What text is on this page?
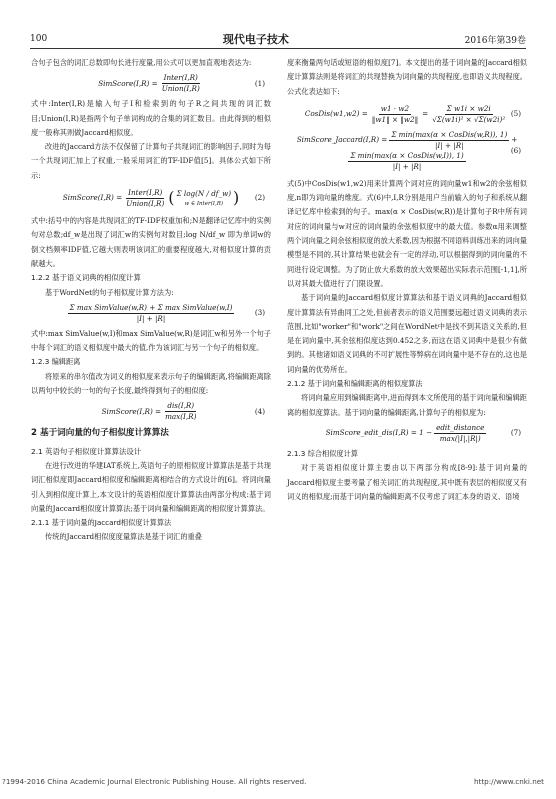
100	现代电子技术	2016年第39卷

合句子包含的词汇总数即句长进行度量,用公式可以更加直观地表达为:

SimScore(I,R) = $\frac{\text{Inter(I,R)}}{\text{Union(I,R)}}$	(1)

式中:Inter(I,R)是输入句子I和检索到的句子R之间共现的词汇数目;Union(I,R)是指两个句子单词构成的合集的词汇数目。由此得到的相似度一般称其则做Jaccard相似度。

改进的Jaccard方法不仅保留了计算句子共现词汇的影响因子,同时为每一个共现词汇加上了权重,一般采用词汇的TF-IDF值[5]。具体公式如下所示:

SimScore(I,R) = $\frac{\text{Inter(I,R)}}{\text{Union(I,R)}}$ ( Σ log(N / df_w)
w ∈ Inter(I,R) ) (2)

式中:括号中的内容是共现词汇的TF-IDF权重加和;N是翻译记忆库中的实例句对总数;df_w是出现了词汇w的实例句对数目;log N/df_w 即为单词w的倒文档频率IDF值,它越大则表明该词汇的重要程度越大,对相似度计算的贡献越大。

1.2.2 基于语义词典的相似度计算

基于WordNet的句子相似度计算方法为:

$\frac{\text{Σ max SimValue(w,R) + Σ max SimValue(w,I)}}{|I| + |R|}$	(3)

式中:max SimValue(w,I)和max SimValue(w,R)是词汇w和另外一个句子中每个词汇的语义相似度中最大的值,作为该词汇与另一个句子的相似度。

1.2.3 编辑距离

将原来的串尔值改为词义的相似度来表示句子的编辑距离,将编辑距离除以两句中较长的一句的句子长度,最终得到句子的相似度:

SimScore(I,R) = $\frac{\text{dis(I,R)}}{\max(I,R)}$	(4)

2 基于词向量的句子相似度计算算法

2.1 英语句子相似度计算算法设计

在进行改进的华建IAT系统上,英语句子的原相似度计算算法是基于共现词汇相似度即Jaccard相似度和编辑距离相结合的方式设计的[6]。将词向量引入到相似度计算上,本文设计的英语相似度计算算法由两部分构成:基于词向量的Jaccard相似度计算算法;基于词向量和编辑距离的相似度计算算法。

2.1.1 基于词向量的Jaccard相似度计算算法

传统的Jaccard相似度度量算法是基于词汇的重叠

度来衡量两句话或短语的相似度[7]。本文提出的基于词向量的Jaccard相似度计算算法则是将词汇的共现替换为词向量的共现程度,也即语义共现程度。公式化表达如下:

CosDis(w1,w2) = $\frac{w1 \cdot w2}{‖w1‖ \times ‖w2‖} = \frac{\text{Σ w1i × w2i}}{\text{√Σ(w1i)² × √Σ(w2i)²}} (5)$
SimScore_Jaccard(I,R) = $\frac{\text{Σ min(max(α × CosDis(w,R)), 1)}}{|I| + |R|}$ +
$\frac{\text{Σ min(max(α × CosDis(w,I)), 1)}}{|I| + |R|}$
(6)

式(5)中CosDis(w1,w2)用来计算两个词对应的词向量w1和w2的余弦相似度,n即为词向量的维度。式(6)中,I,R分别是用户当前输入的句子和系统从翻译记忆库中检索到的句子。max(α × CosDis(w,R))是计算句子R中所有词对应的词向量与w对应的词向量的余弦相似度中的最大值。参数α用来调整两个词向量之间余弦相似度的放大系数,因为根据不同语料训练出来的词向量模型是不同的,其计算结果也就会有一定的浮动,可以根据得到的词向量的不同进行设定调整。为了防止放大系数的放大效果超出实际表示范围[-1,1],所以对其最大值进行了门限设置。

基于词向量的Jaccard相似度计算算法和基于语义词典的Jaccard相似度计算算法有异曲同工之处,但前者表示的语义范围要远超过语义词典的表示范围,比如"worker"和"work"之间在WordNet中是找不到其语义关系的,但是在词向量中,其余弦相似度达到0.452之多,而这在语义词典中是很少有做到的。其他诸如语义词典的不可扩展性等弊病在词向量中是不存在的,这也是词向量的优势所在。

2.1.2 基于词向量和编辑距离的相似度算法

将词向量应用到编辑距离中,进而得到本文所使用的基于词向量和编辑距离的相似度算法。基于词向量的编辑距离,计算句子的相似度为:

SimScore_edit_dis(I,R) = $1 - \frac{\text{edit\_distance}}{\max(|I|,|R|)}$	(7)

2.1.3 综合相似度计算

对于英语相似度计算主要由以下两部分构成[8-9]:基于词向量的Jaccard相似度主要考量了相关词汇的共现程度,其中既有表层的相似度又有词义的相似度;而基于词向量的编辑距离不仅考虑了词汇本身的语义、语境

?1994-2016 China Academic Journal Electronic Publishing House. All rights reserved.	http://www.cnki.net
